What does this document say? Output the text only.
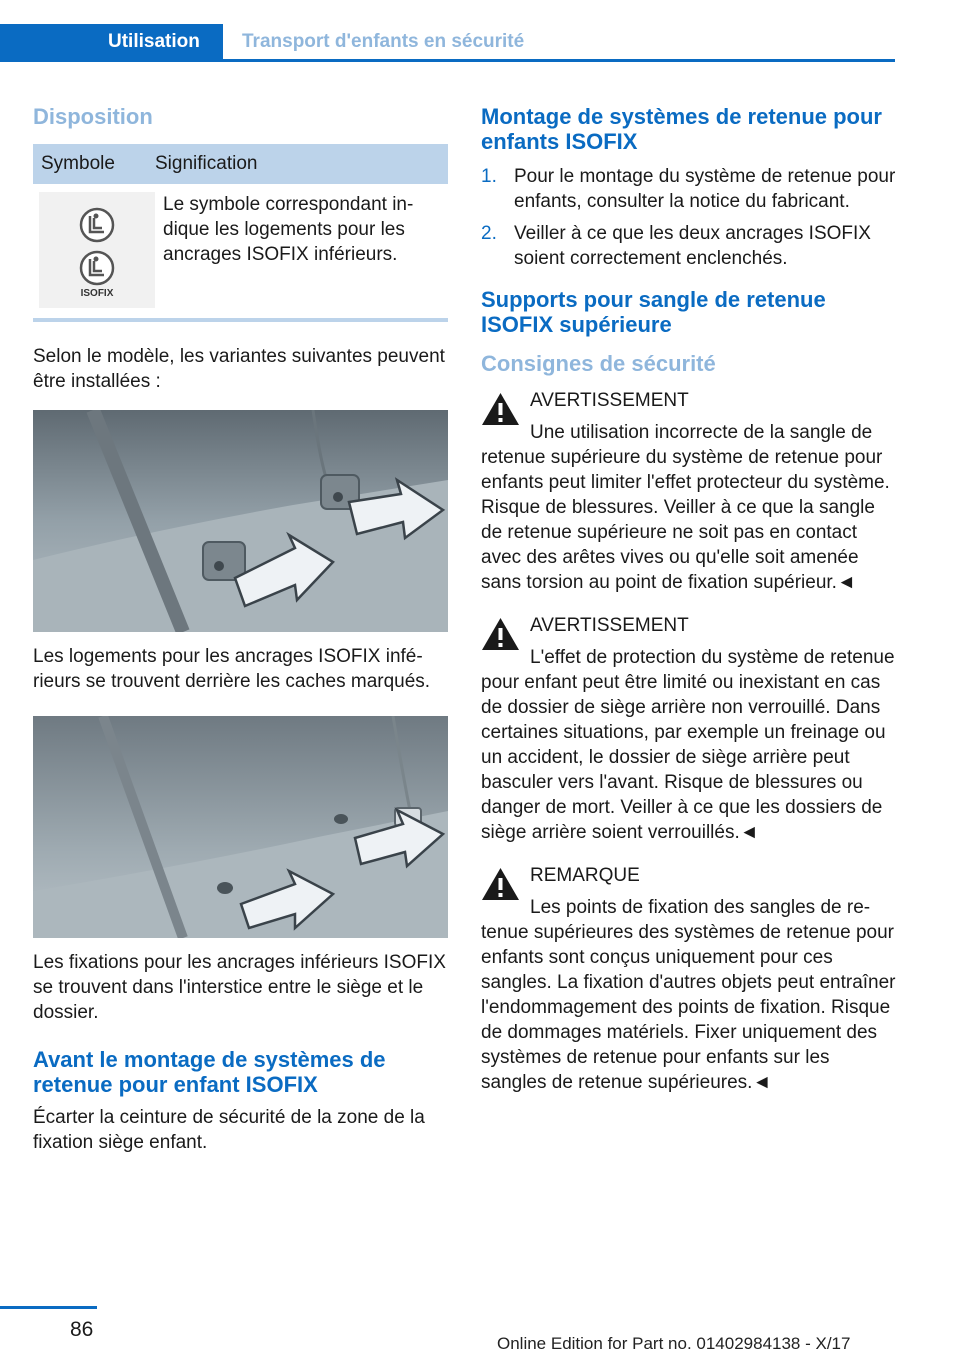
Utilisation	Transport d'enfants en sécurité
Disposition
Symbole	Signification
ISOFIX
Le symbole correspondant indique les logements pour les ancrages ISOFIX inférieurs.
Selon le modèle, les variantes suivantes peuvent être installées :
Les logements pour les ancrages ISOFIX inférieurs se trouvent derrière les caches marqués.
Les fixations pour les ancrages inférieurs ISOFIX se trouvent dans l'interstice entre le siège et le dossier.
Avant le montage de systèmes de retenue pour enfant ISOFIX
Écarter la ceinture de sécurité de la zone de la fixation siège enfant.
Montage de systèmes de retenue pour enfants ISOFIX
1. Pour le montage du système de retenue pour enfants, consulter la notice du fabricant.
2. Veiller à ce que les deux ancrages ISOFIX soient correctement enclenchés.
Supports pour sangle de retenue ISOFIX supérieure
Consignes de sécurité
AVERTISSEMENT
Une utilisation incorrecte de la sangle de retenue supérieure du système de retenue pour enfants peut limiter l'effet protecteur du système. Risque de blessures. Veiller à ce que la sangle de retenue supérieure ne soit pas en contact avec des arêtes vives ou qu'elle soit amenée sans torsion au point de fixation supérieur.◄
AVERTISSEMENT
L'effet de protection du système de retenue pour enfant peut être limité ou inexistant en cas de dossier de siège arrière non verrouillé. Dans certaines situations, par exemple un freinage ou un accident, le dossier de siège arrière peut basculer vers l'avant. Risque de blessures ou danger de mort. Veiller à ce que les dossiers de siège arrière soient verrouillés.◄
REMARQUE
Les points de fixation des sangles de retenue supérieures des systèmes de retenue pour enfants sont conçus uniquement pour ces sangles. La fixation d'autres objets peut entraîner l'endommagement des points de fixation. Risque de dommages matériels. Fixer uniquement des systèmes de retenue pour enfants sur les sangles de retenue supérieures.◄
86
Online Edition for Part no. 01402984138 - X/17
